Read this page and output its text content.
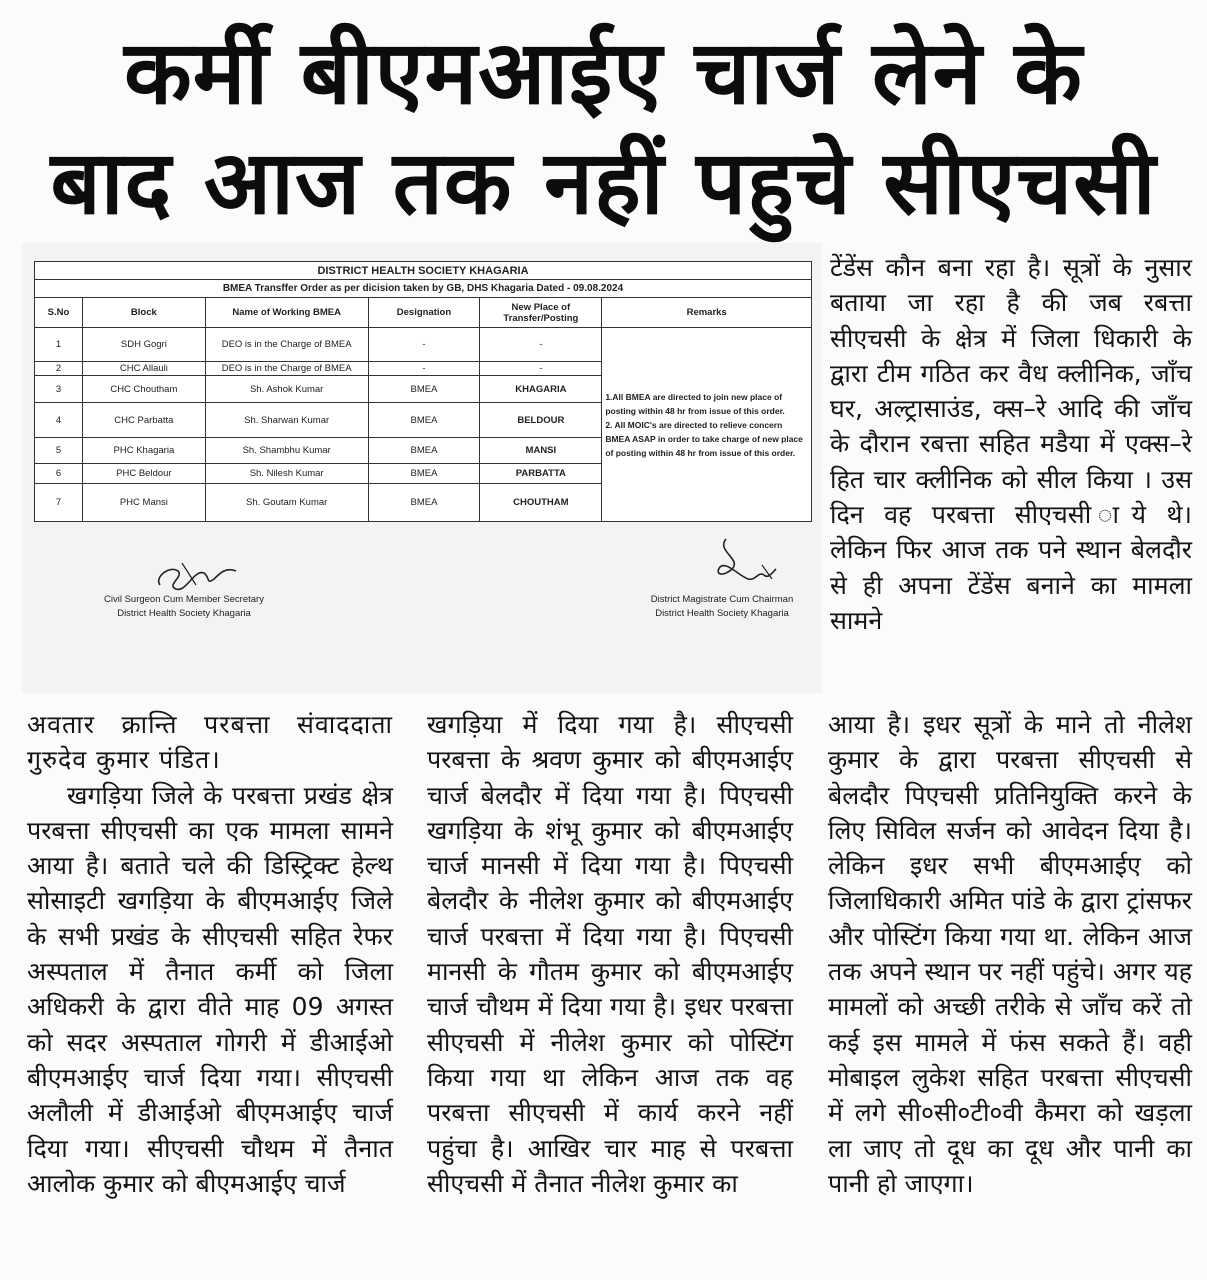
कर्मी बीएमआईए चार्ज लेने के
बाद आज तक नहीं पहुचे सीएचसी
DISTRICT HEALTH SOCIETY KHAGARIA					
BMEA Transffer Order as per dicision taken by GB, DHS Khagaria Dated - 09.08.2024					
S.No	Block	Name of Working BMEA	Designation	New Place of Transfer/Posting	Remarks
1	SDH Gogri	DEO is in the Charge of BMEA	-	-	1.All BMEA are directed to join new place of posting within 48 hr from issue of this order.
2. All MOIC's are directed to relieve concern BMEA ASAP in order to take charge of new place of posting within 48 hr from issue of this order.

2	CHC Allauli	DEO is in the Charge of BMEA	-	-	
3	CHC Choutham	Sh. Ashok Kumar	BMEA	KHAGARIA	
4	CHC Parbatta	Sh. Sharwan Kumar	BMEA	BELDOUR	
5	PHC Khagaria	Sh. Shambhu Kumar	BMEA	MANSI	
6	PHC Beldour	Sh. Nilesh Kumar	BMEA	PARBATTA	
7	PHC Mansi	Sh. Goutam Kumar	BMEA	CHOUTHAM	
Civil Surgeon Cum Member Secretary
District Health Society Khagaria
District Magistrate Cum Chairman
District Health Society Khagaria

टेंडेंस कौन बना रहा है। सूत्रों के नुसार बताया जा रहा है की जब रबत्ता सीएचसी के क्षेत्र में जिला धिकारी के द्वारा टीम गठित कर वैध क्लीनिक, जाँच घर, अल्ट्रासाउंड, क्स–रे आदि की जाँच के दौरान रबत्ता सहित मडैया में एक्स–रे हित चार क्लीनिक को सील किया । उस दिन वह परबत्ता सीएचसी ाये थे। लेकिन फिर आज तक पने स्थान बेलदौर से ही अपना टेंडेंस बनाने का मामला सामने

अवतार क्रान्ति परबत्ता संवाददाता गुरुदेव कुमार पंडित।

खगड़िया जिले के परबत्ता प्रखंड क्षेत्र परबत्ता सीएचसी का एक मामला सामने आया है। बताते चले की डिस्ट्रिक्ट हेल्थ सोसाइटी खगड़िया के बीएमआईए जिले के सभी प्रखंड के सीएचसी सहित रेफर अस्पताल में तैनात कर्मी को जिला अधिकरी के द्वारा वीते माह 09 अगस्त को सदर अस्पताल गोगरी में डीआईओ बीएमआईए चार्ज दिया गया। सीएचसी अलौली में डीआईओ बीएमआईए चार्ज दिया गया। सीएचसी चौथम में तैनात आलोक कुमार को बीएमआईए चार्ज

खगड़िया में दिया गया है। सीएचसी परबत्ता के श्रवण कुमार को बीएमआईए चार्ज बेलदौर में दिया गया है। पिएचसी खगड़िया के शंभू कुमार को बीएमआईए चार्ज मानसी में दिया गया है। पिएचसी बेलदौर के नीलेश कुमार को बीएमआईए चार्ज परबत्ता में दिया गया है। पिएचसी मानसी के गौतम कुमार को बीएमआईए चार्ज चौथम में दिया गया है। इधर परबत्ता सीएचसी में नीलेश कुमार को पोस्टिंग किया गया था लेकिन आज तक वह परबत्ता सीएचसी में कार्य करने नहीं पहुंचा है। आखिर चार माह से परबत्ता सीएचसी में तैनात नीलेश कुमार का

आया है। इधर सूत्रों के माने तो नीलेश कुमार के द्वारा परबत्ता सीएचसी से बेलदौर पिएचसी प्रतिनियुक्ति करने के लिए सिविल सर्जन को आवेदन दिया है। लेकिन इधर सभी बीएमआईए को जिलाधिकारी अमित पांडे के द्वारा ट्रांसफर और पोस्टिंग किया गया था. लेकिन आज तक अपने स्थान पर नहीं पहुंचे। अगर यह मामलों को अच्छी तरीके से जाँच करें तो कई इस मामले में फंस सकते हैं। वही मोबाइल लुकेश सहित परबत्ता सीएचसी में लगे सी०सी०टी०वी कैमरा को खड़ला ला जाए तो दूध का दूध और पानी का पानी हो जाएगा।
